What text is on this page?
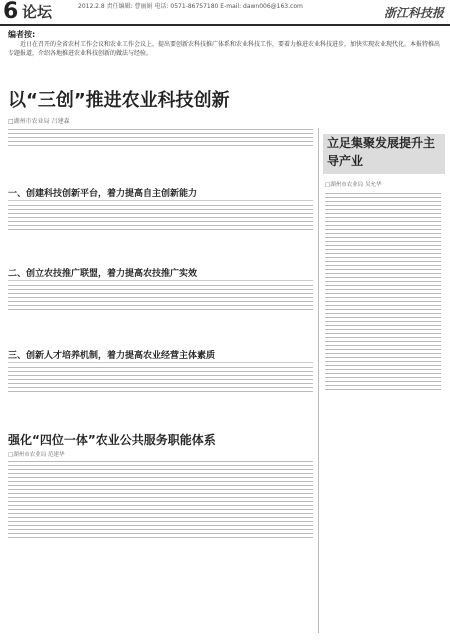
6 论坛	2012.2.8 责任编辑: 曹丽娟 电话: 0571-86757180 E-mail: dawn006@163.com	浙江科技报
编者按:
近日在召开的全省农村工作会议和农业工作会议上，提出要创新农科技推广体系和农业科技工作，要着力推进农业科技进步，加快实现农业现代化。本报特推出专题报道，介绍各地推进农业科技创新的做法与经验。
以“三创”推进农业科技创新
□湖州市农业局 吕建森
一、创建科技创新平台，着力提高自主创新能力
二、创立农技推广联盟，着力提高农技推广实效
三、创新人才培养机制，着力提高农业经营主体素质
强化“四位一体”农业公共服务职能体系
□湖州市农业局 范建华
立足集聚发展提升主导产业
□湖州市农业局 吴允华
